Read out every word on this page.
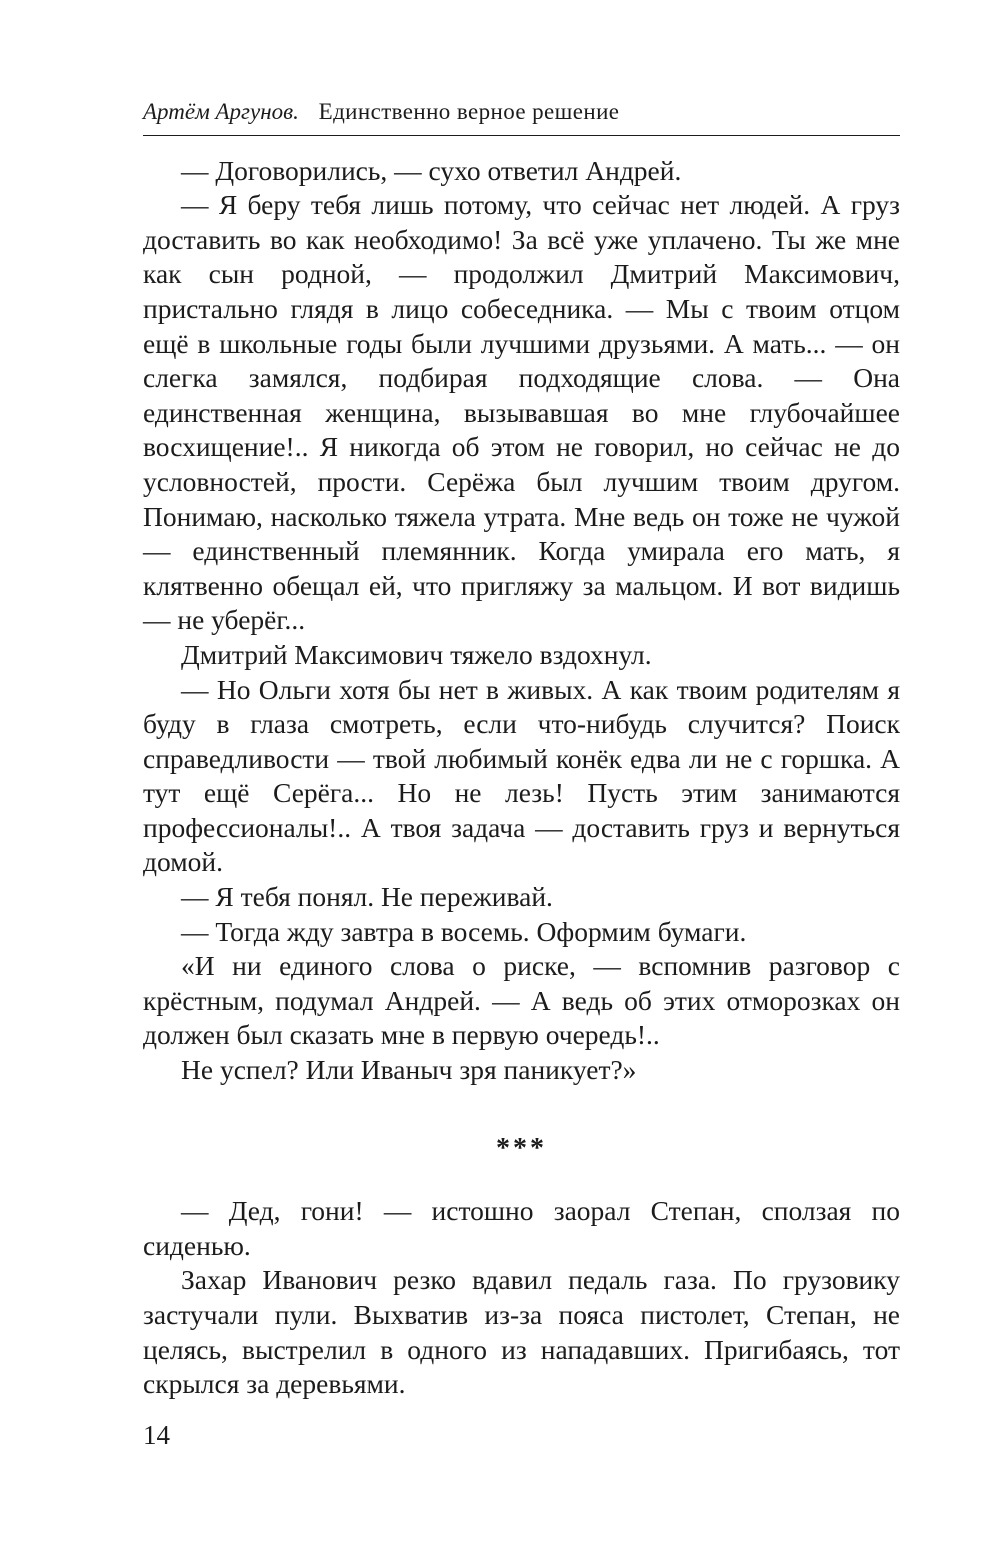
Артём Аргунов. Единственно верное решение

— Договорились, — сухо ответил Андрей.

— Я беру тебя лишь потому, что сейчас нет людей. А груз доставить во как необходимо! За всё уже уплачено. Ты же мне как сын родной, — продолжил Дмитрий Максимович, пристально глядя в лицо собеседника. — Мы с твоим отцом ещё в школьные годы были лучшими друзьями. А мать... — он слегка замялся, подбирая подходящие слова. — Она единственная женщина, вызывавшая во мне глубочайшее восхищение!.. Я никогда об этом не говорил, но сейчас не до условностей, прости. Серёжа был лучшим твоим другом. Понимаю, насколько тяжела утрата. Мне ведь он тоже не чужой — единственный племянник. Когда умирала его мать, я клятвенно обещал ей, что пригляжу за мальцом. И вот видишь — не уберёг...

Дмитрий Максимович тяжело вздохнул.

— Но Ольги хотя бы нет в живых. А как твоим родителям я буду в глаза смотреть, если что-нибудь случится? Поиск справедливости — твой любимый конёк едва ли не с горшка. А тут ещё Серёга... Но не лезь! Пусть этим занимаются профессионалы!.. А твоя задача — доставить груз и вернуться домой.

— Я тебя понял. Не переживай.

— Тогда жду завтра в восемь. Оформим бумаги.

«И ни единого слова о риске, — вспомнив разговор с крёстным, подумал Андрей. — А ведь об этих отморозках он должен был сказать мне в первую очередь!..

Не успел? Или Иваныч зря паникует?»

***

— Дед, гони! — истошно заорал Степан, сползая по сиденью.

Захар Иванович резко вдавил педаль газа. По грузовику застучали пули. Выхватив из-за пояса пистолет, Степан, не целясь, выстрелил в одного из нападавших. Пригибаясь, тот скрылся за деревьями.

14
